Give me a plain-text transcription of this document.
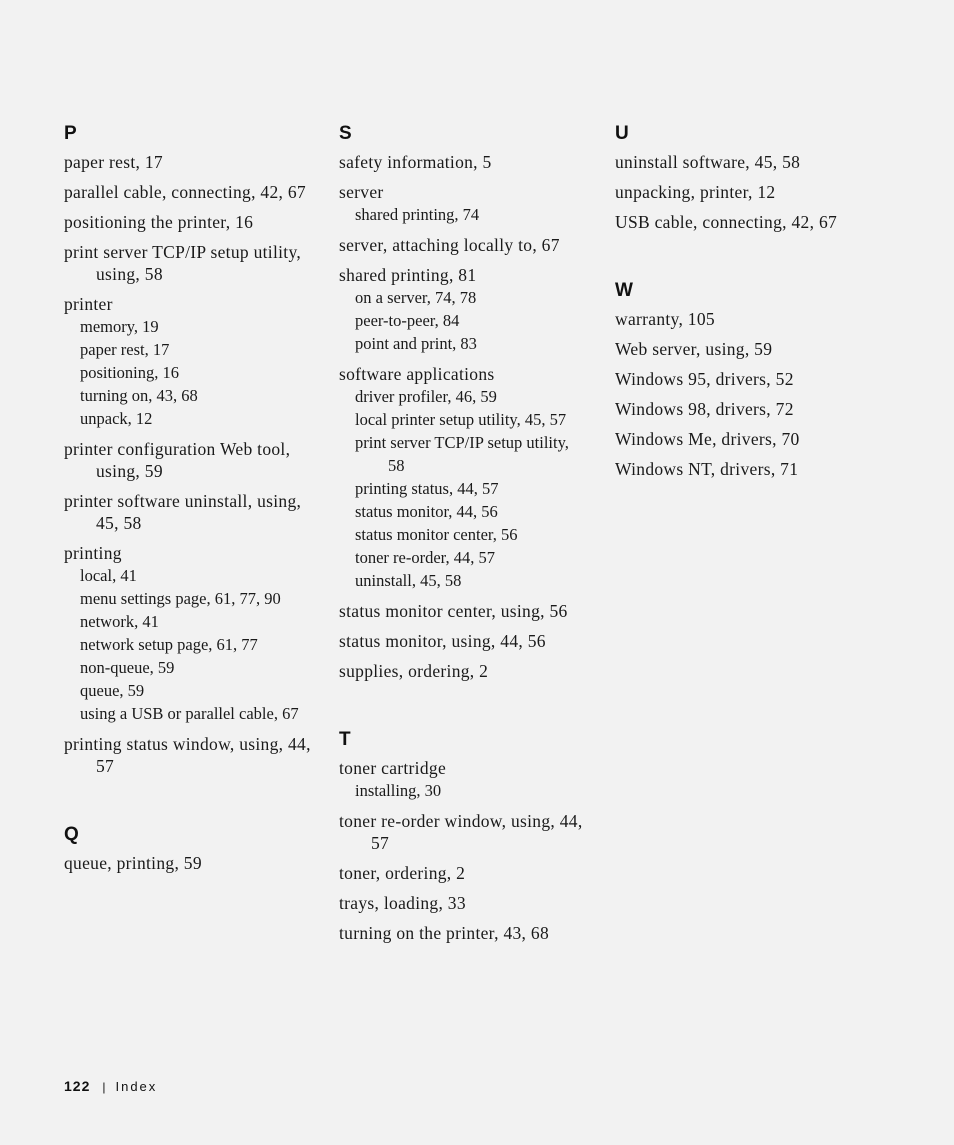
P
paper rest, 17
parallel cable, connecting, 42, 67
positioning the printer, 16
print server TCP/IP setup utility, using, 58
printer
memory, 19
paper rest, 17
positioning, 16
turning on, 43, 68
unpack, 12
printer configuration Web tool, using, 59
printer software uninstall, using, 45, 58
printing
local, 41
menu settings page, 61, 77, 90
network, 41
network setup page, 61, 77
non-queue, 59
queue, 59
using a USB or parallel cable, 67
printing status window, using, 44, 57
Q
queue, printing, 59
S
safety information, 5
server
shared printing, 74
server, attaching locally to, 67
shared printing, 81
on a server, 74, 78
peer-to-peer, 84
point and print, 83
software applications
driver profiler, 46, 59
local printer setup utility, 45, 57
print server TCP/IP setup utility, 58
printing status, 44, 57
status monitor, 44, 56
status monitor center, 56
toner re-order, 44, 57
uninstall, 45, 58
status monitor center, using, 56
status monitor, using, 44, 56
supplies, ordering, 2
T
toner cartridge
installing, 30
toner re-order window, using, 44, 57
toner, ordering, 2
trays, loading, 33
turning on the printer, 43, 68
U
uninstall software, 45, 58
unpacking, printer, 12
USB cable, connecting, 42, 67
W
warranty, 105
Web server, using, 59
Windows 95, drivers, 52
Windows 98, drivers, 72
Windows Me, drivers, 70
Windows NT, drivers, 71
122 | Index
